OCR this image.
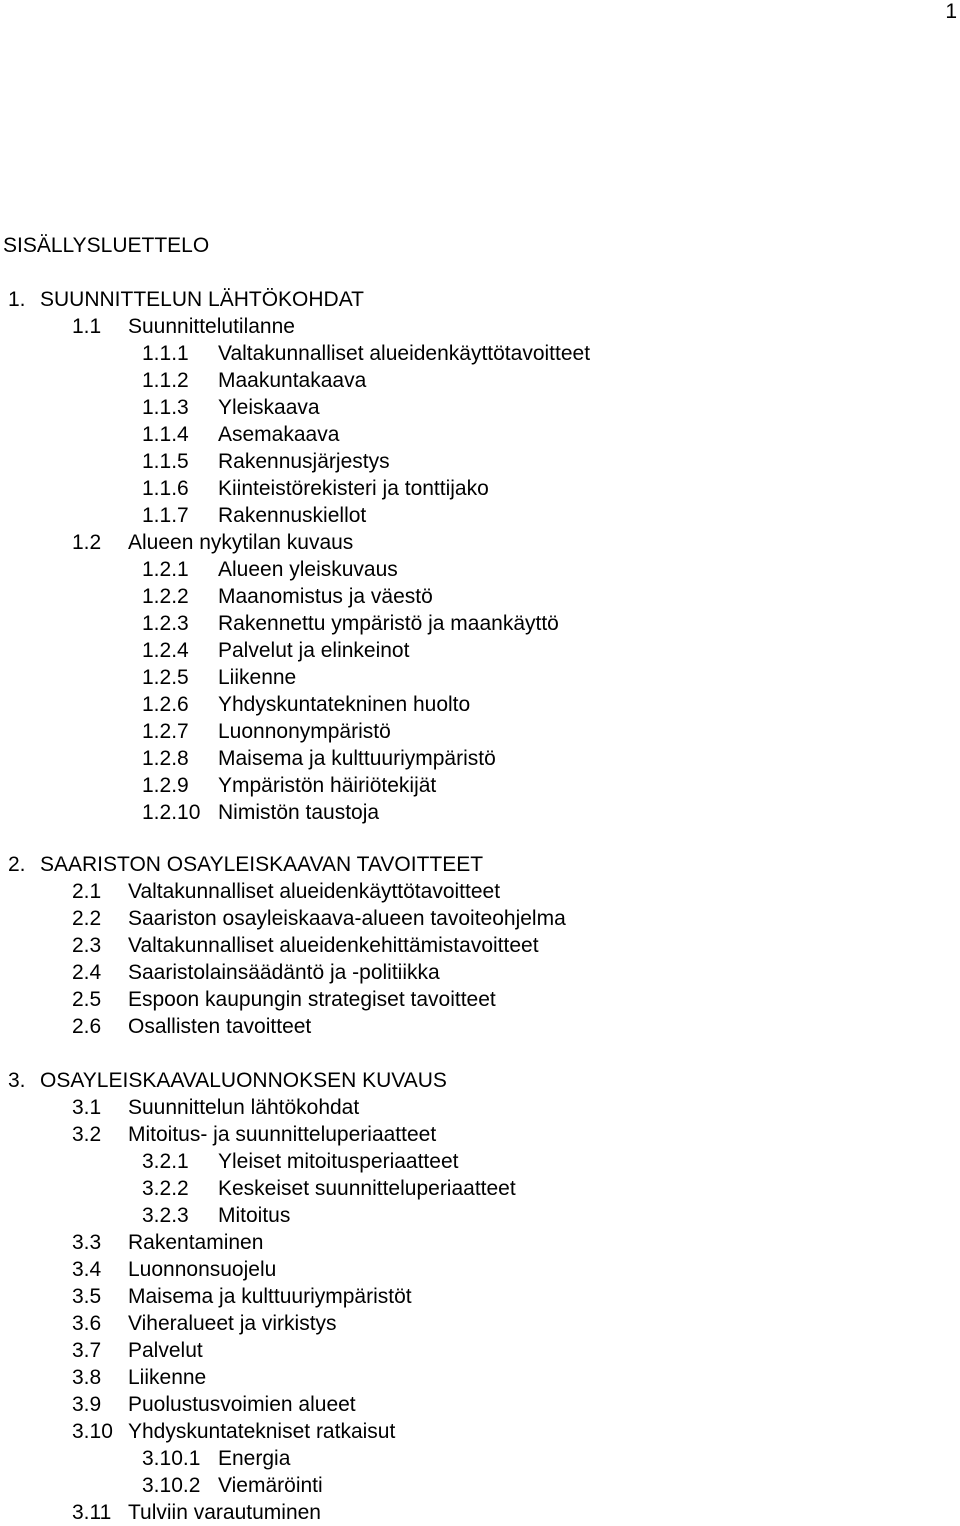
1
SISÄLLYSLUETTELO
1. SUUNNITTELUN LÄHTÖKOHDAT
1.1 Suunnittelutilanne
1.1.1 Valtakunnalliset alueidenkäyttötavoitteet
1.1.2 Maakuntakaava
1.1.3 Yleiskaava
1.1.4 Asemakaava
1.1.5 Rakennusjärjestys
1.1.6 Kiinteistörekisteri ja tonttijako
1.1.7 Rakennuskiellot
1.2 Alueen nykytilan kuvaus
1.2.1 Alueen yleiskuvaus
1.2.2 Maanomistus ja väestö
1.2.3 Rakennettu ympäristö ja maankäyttö
1.2.4 Palvelut ja elinkeinot
1.2.5 Liikenne
1.2.6 Yhdyskuntatekninen huolto
1.2.7 Luonnonympäristö
1.2.8 Maisema ja kulttuuriympäristö
1.2.9 Ympäristön häiriötekijät
1.2.10 Nimistön taustoja
2. SAARISTON OSAYLEISKAAVAN TAVOITTEET
2.1 Valtakunnalliset alueidenkäyttötavoitteet
2.2 Saariston osayleiskaava-alueen tavoiteohjelma
2.3 Valtakunnalliset alueidenkehittämistavoitteet
2.4 Saaristolainsäädäntö ja -politiikka
2.5 Espoon kaupungin strategiset tavoitteet
2.6 Osallisten tavoitteet
3. OSAYLEISKAAVALUONNOKSEN KUVAUS
3.1 Suunnittelun lähtökohdat
3.2 Mitoitus- ja suunnitteluperiaatteet
3.2.1 Yleiset mitoitusperiaatteet
3.2.2 Keskeiset suunnitteluperiaatteet
3.2.3 Mitoitus
3.3 Rakentaminen
3.4 Luonnonsuojelu
3.5 Maisema ja kulttuuriympäristöt
3.6 Viheralueet ja virkistys
3.7 Palvelut
3.8 Liikenne
3.9 Puolustusvoimien alueet
3.10 Yhdyskuntatekniset ratkaisut
3.10.1 Energia
3.10.2 Viemäröinti
3.11 Tulviin varautuminen
